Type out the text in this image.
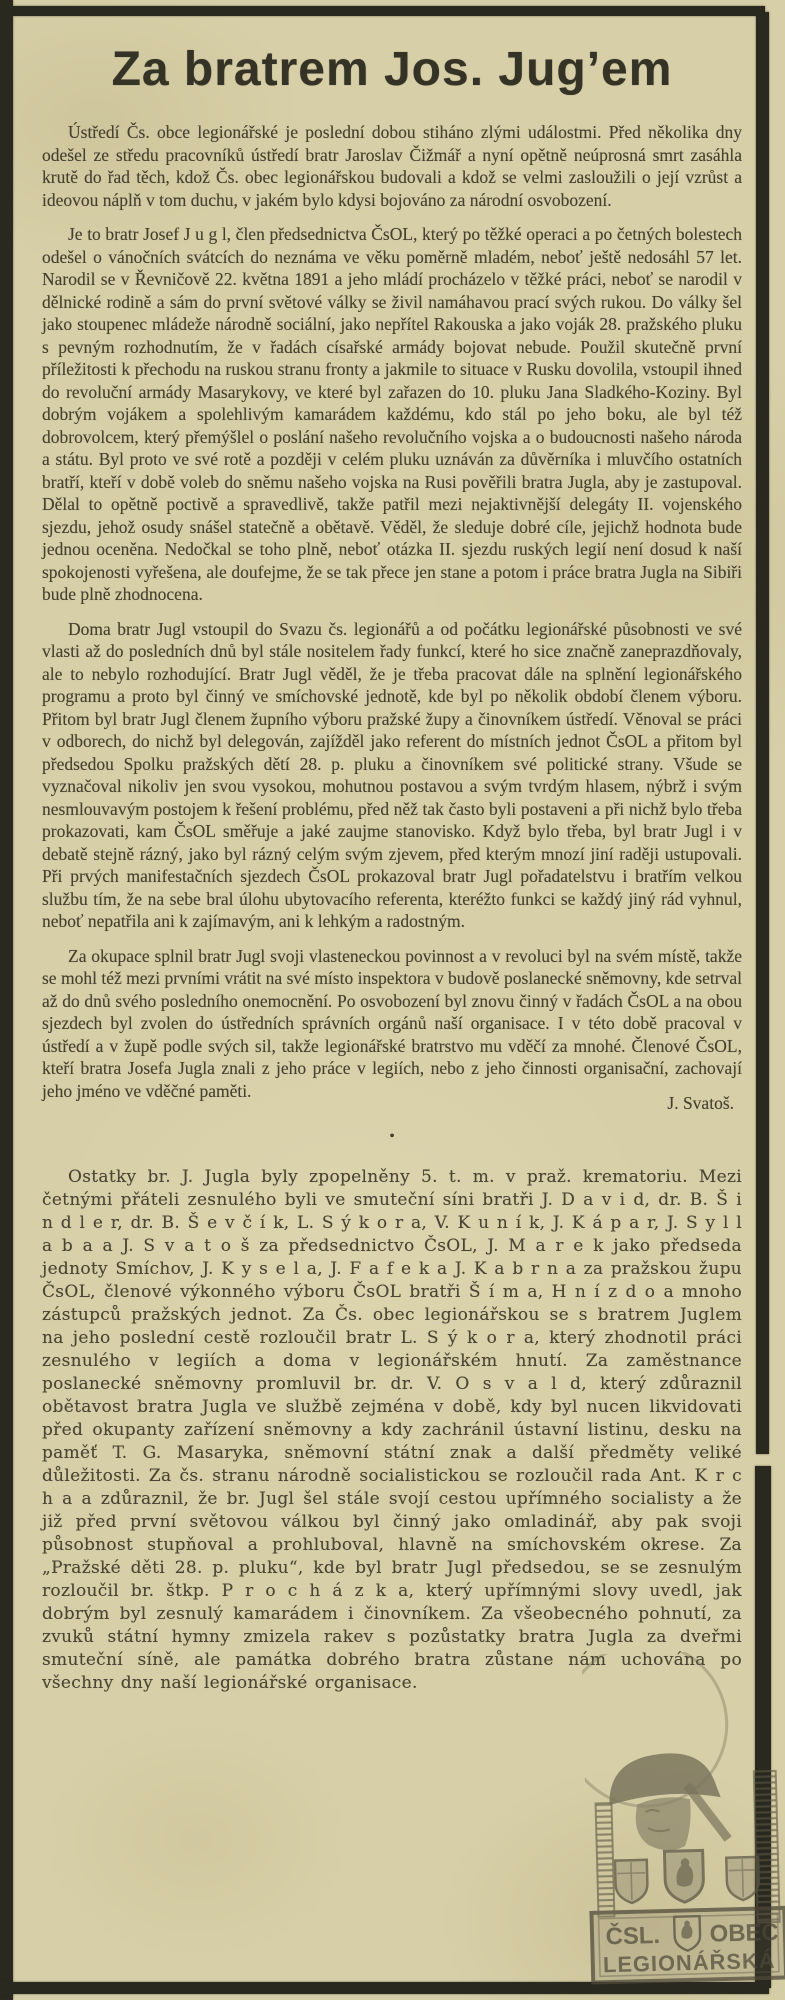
Za bratrem Jos. Jug’em

Ústředí Čs. obce legionářské je poslední dobou stiháno zlými událostmi. Před několika dny odešel ze středu pracovníků ústředí bratr Jaroslav Čižmář a nyní opětně neúprosná smrt zasáhla krutě do řad těch, kdož Čs. obec legionářskou budovali a kdož se velmi zasloužili o její vzrůst a ideovou náplň v tom duchu, v jakém bylo kdysi bojováno za národní osvobození.

Je to bratr Josef J u g l, člen předsednictva ČsOL, který po těžké operaci a po četných bolestech odešel o vánočních svátcích do neznáma ve věku poměrně mladém, neboť ještě nedosáhl 57 let. Narodil se v Řevničově 22. května 1891 a jeho mládí procházelo v těžké práci, neboť se narodil v dělnické rodině a sám do první světové války se živil namáhavou prací svých rukou. Do války šel jako stoupenec mládeže národně sociální, jako nepřítel Rakouska a jako voják 28. pražského pluku s pevným rozhodnutím, že v řadách císařské armády bojovat nebude. Použil skutečně první příležitosti k přechodu na ruskou stranu fronty a jakmile to situace v Rusku dovolila, vstoupil ihned do revoluční armády Masarykovy, ve které byl zařazen do 10. pluku Jana Sladkého-Koziny. Byl dobrým vojákem a spolehlivým kamarádem každému, kdo stál po jeho boku, ale byl též dobrovolcem, který přemýšlel o poslání našeho revolučního vojska a o budoucnosti našeho národa a státu. Byl proto ve své rotě a později v celém pluku uznáván za důvěrníka i mluvčího ostatních bratří, kteří v době voleb do sněmu našeho vojska na Rusi pověřili bratra Jugla, aby je zastupoval. Dělal to opětně poctivě a spravedlivě, takže patřil mezi nejaktivnější delegáty II. vojenského sjezdu, jehož osudy snášel statečně a obětavě. Věděl, že sleduje dobré cíle, jejichž hodnota bude jednou oceněna. Nedočkal se toho plně, neboť otázka II. sjezdu ruských legií není dosud k naší spokojenosti vyřešena, ale doufejme, že se tak přece jen stane a potom i práce bratra Jugla na Sibiři bude plně zhodnocena.

Doma bratr Jugl vstoupil do Svazu čs. legionářů a od počátku legionářské působnosti ve své vlasti až do posledních dnů byl stále nositelem řady funkcí, které ho sice značně zaneprazdňovaly, ale to nebylo rozhodující. Bratr Jugl věděl, že je třeba pracovat dále na splnění legionářského programu a proto byl činný ve smíchovské jednotě, kde byl po několik období členem výboru. Přitom byl bratr Jugl členem župního výboru pražské župy a činovníkem ústředí. Věnoval se práci v odborech, do nichž byl delegován, zajížděl jako referent do místních jednot ČsOL a přitom byl předsedou Spolku pražských dětí 28. p. pluku a činovníkem své politické strany. Všude se vyznačoval nikoliv jen svou vysokou, mohutnou postavou a svým tvrdým hlasem, nýbrž i svým nesmlouvavým postojem k řešení problému, před něž tak často byli postaveni a při nichž bylo třeba prokazovati, kam ČsOL směřuje a jaké zaujme stanovisko. Když bylo třeba, byl bratr Jugl i v debatě stejně rázný, jako byl rázný celým svým zjevem, před kterým mnozí jiní raději ustupovali. Při prvých manifestačních sjezdech ČsOL prokazoval bratr Jugl pořadatelstvu i bratřím velkou službu tím, že na sebe bral úlohu ubytovacího referenta, kteréžto funkci se každý jiný rád vyhnul, neboť nepatřila ani k zajímavým, ani k lehkým a radostným.

Za okupace splnil bratr Jugl svoji vlasteneckou povinnost a v revoluci byl na svém místě, takže se mohl též mezi prvními vrátit na své místo inspektora v budově poslanecké sněmovny, kde setrval až do dnů svého posledního onemocnění. Po osvobození byl znovu činný v řadách ČsOL a na obou sjezdech byl zvolen do ústředních správních orgánů naší organisace. I v této době pracoval v ústředí a v župě podle svých sil, takže legionářské bratrstvo mu vděčí za mnohé. Členové ČsOL, kteří bratra Josefa Jugla znali z jeho práce v legiích, nebo z jeho činnosti organisační, zachovají jeho jméno ve vděčné paměti.

J. Svatoš.
•

Ostatky br. J. Jugla byly zpopelněny 5. t. m. v praž. krematoriu. Mezi četnými přáteli zesnulého byli ve smuteční síni bratři J. D a v i d, dr. B. Š i n d l e r, dr. B. Š e v č í k, L. S ý k o r a, V. K u n í k, J. K á p a r, J. S y l l a b a a J. S v a t o š za předsednictvo ČsOL, J. M a r e k jako předseda jednoty Smíchov, J. K y s e l a, J. F a f e k a J. K a b r n a za pražskou župu ČsOL, členové výkonného výboru ČsOL bratři Š í m a, H n í z d o a mnoho zástupců pražských jednot. Za Čs. obec legionářskou se s bratrem Juglem na jeho poslední cestě rozloučil bratr L. S ý k o r a, který zhodnotil práci zesnulého v legiích a doma v legionářském hnutí. Za zaměstnance poslanecké sněmovny promluvil br. dr. V. O s v a l d, který zdůraznil obětavost bratra Jugla ve službě zejména v době, kdy byl nucen likvidovati před okupanty zařízení sněmovny a kdy zachránil ústavní listinu, desku na paměť T. G. Masaryka, sněmovní státní znak a další předměty veliké důležitosti. Za čs. stranu národně socialistickou se rozloučil rada Ant. K r c h a a zdůraznil, že br. Jugl šel stále svojí cestou upřímného socialisty a že již před první světovou válkou byl činný jako omladinář, aby pak svoji působnost stupňoval a prohluboval, hlavně na smíchovském okrese. Za „Pražské děti 28. p. pluku“, kde byl bratr Jugl předsedou, se se zesnulým rozloučil br. štkp. P r o c h á z k a, který upřímnými slovy uvedl, jak dobrým byl zesnulý kamarádem i činovníkem. Za všeobecného pohnutí, za zvuků státní hymny zmizela rakev s pozůstatky bratra Jugla za dveřmi smuteční síně, ale památka dobrého bratra zůstane nám uchována po všechny dny naší legionářské organisace.

ČSL. OBEC
LEGIONÁŘSKÁ
